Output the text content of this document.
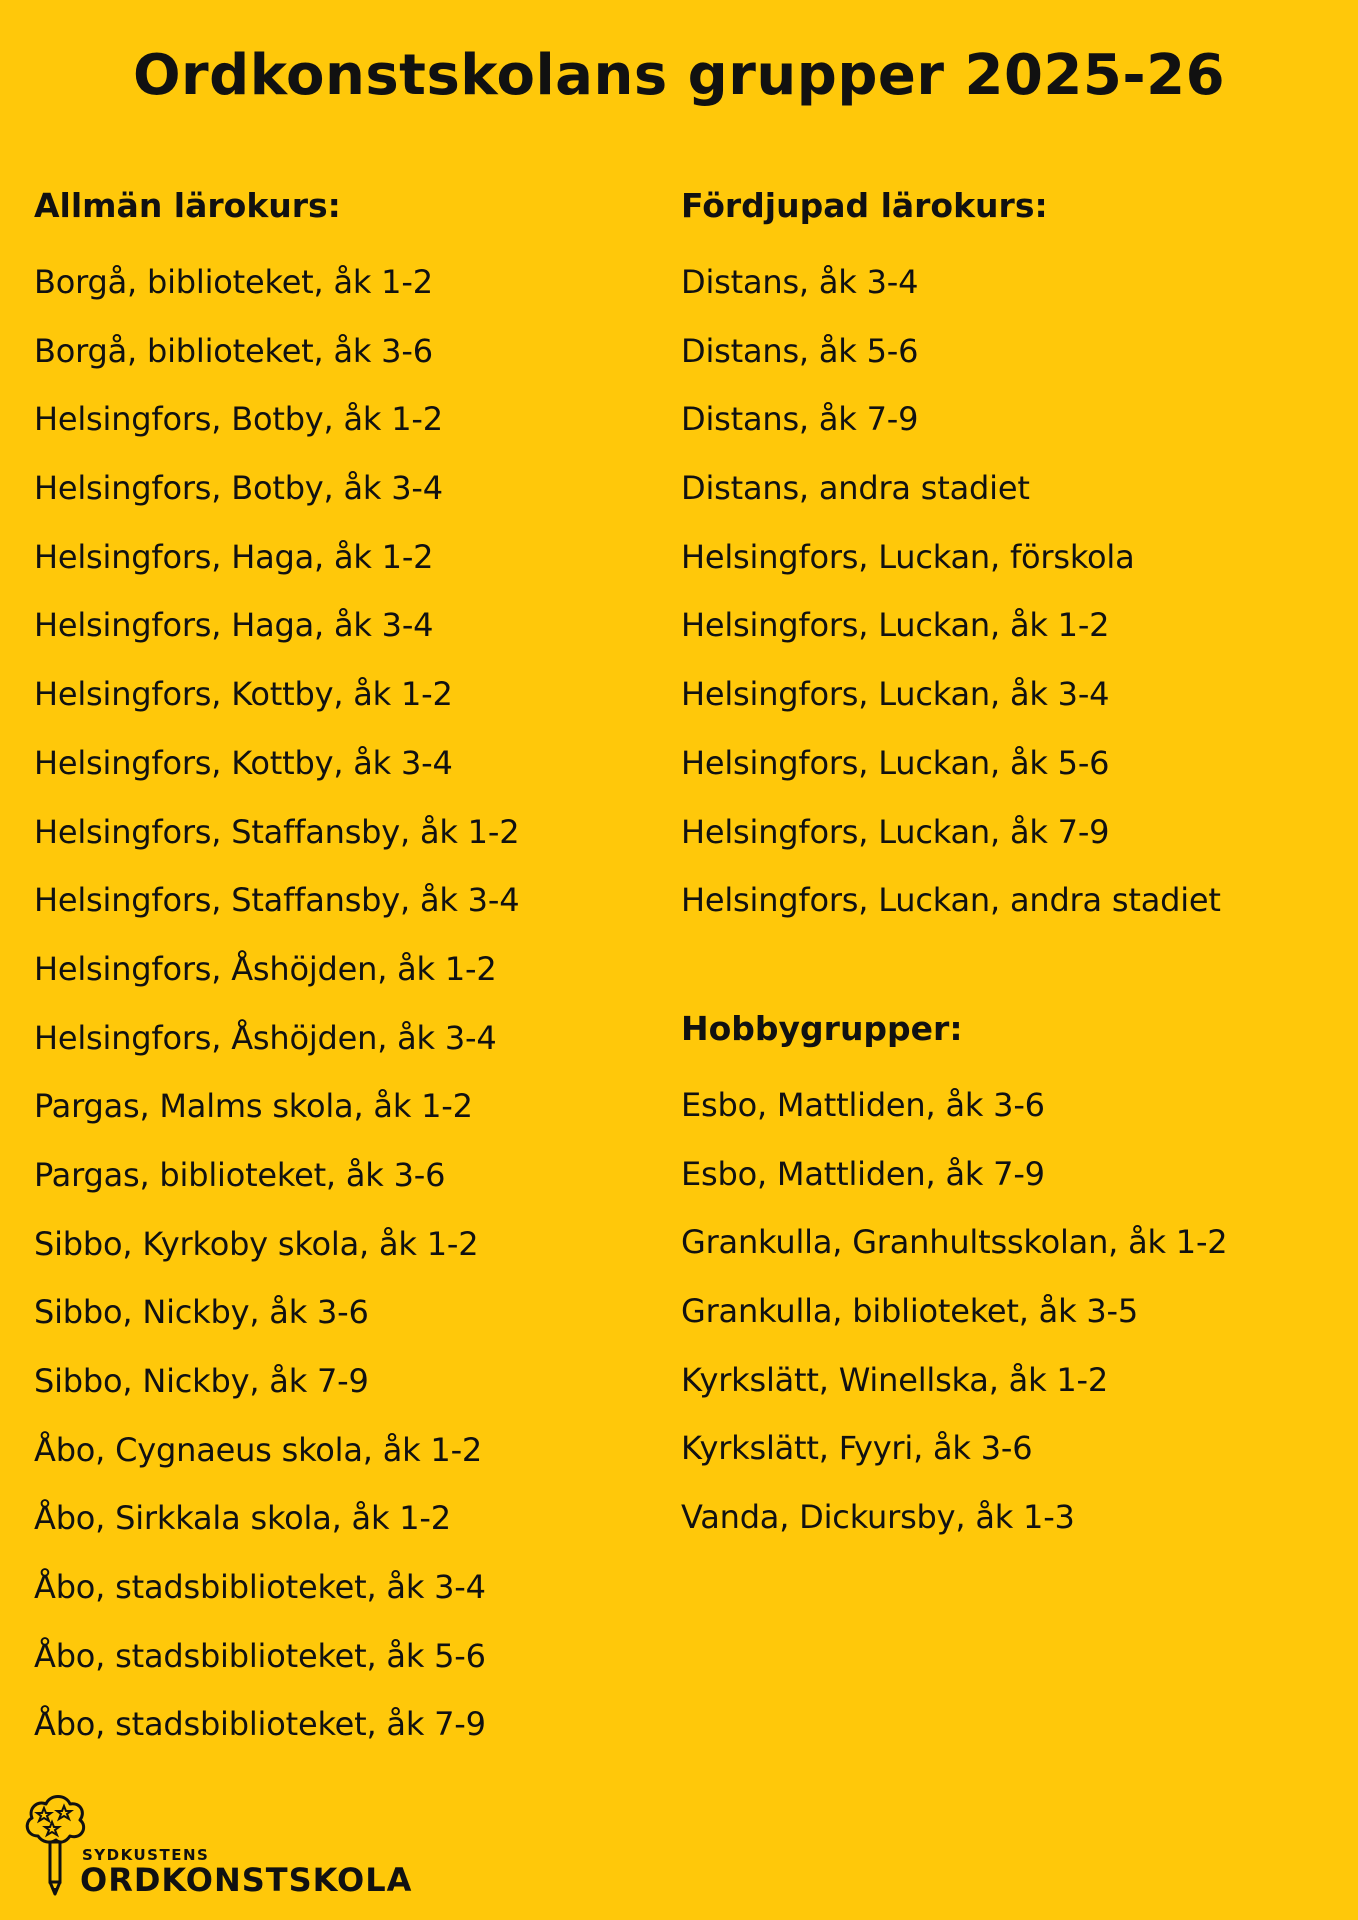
Ordkonstskolans grupper 2025-26
Allmän lärokurs:
Borgå, biblioteket, åk 1-2
Borgå, biblioteket, åk 3-6
Helsingfors, Botby, åk 1-2
Helsingfors, Botby, åk 3-4
Helsingfors, Haga, åk 1-2
Helsingfors, Haga, åk 3-4
Helsingfors, Kottby, åk 1-2
Helsingfors, Kottby, åk 3-4
Helsingfors, Staffansby, åk 1-2
Helsingfors, Staffansby, åk 3-4
Helsingfors, Åshöjden, åk 1-2
Helsingfors, Åshöjden, åk 3-4
Pargas, Malms skola, åk 1-2
Pargas, biblioteket, åk 3-6
Sibbo, Kyrkoby skola, åk 1-2
Sibbo, Nickby, åk 3-6
Sibbo, Nickby, åk 7-9
Åbo, Cygnaeus skola, åk 1-2
Åbo, Sirkkala skola, åk 1-2
Åbo, stadsbiblioteket, åk 3-4
Åbo, stadsbiblioteket, åk 5-6
Åbo, stadsbiblioteket, åk 7-9
Fördjupad lärokurs:
Distans, åk 3-4
Distans, åk 5-6
Distans, åk 7-9
Distans, andra stadiet
Helsingfors, Luckan, förskola
Helsingfors, Luckan, åk 1-2
Helsingfors, Luckan, åk 3-4
Helsingfors, Luckan, åk 5-6
Helsingfors, Luckan, åk 7-9
Helsingfors, Luckan, andra stadiet
Hobbygrupper:
Esbo, Mattliden, åk 3-6
Esbo, Mattliden, åk 7-9
Grankulla, Granhultsskolan, åk 1-2
Grankulla, biblioteket, åk 3-5
Kyrkslätt, Winellska, åk 1-2
Kyrkslätt, Fyyri, åk 3-6
Vanda, Dickursby, åk 1-3
SYDKUSTENS
ORDKONSTSKOLA
